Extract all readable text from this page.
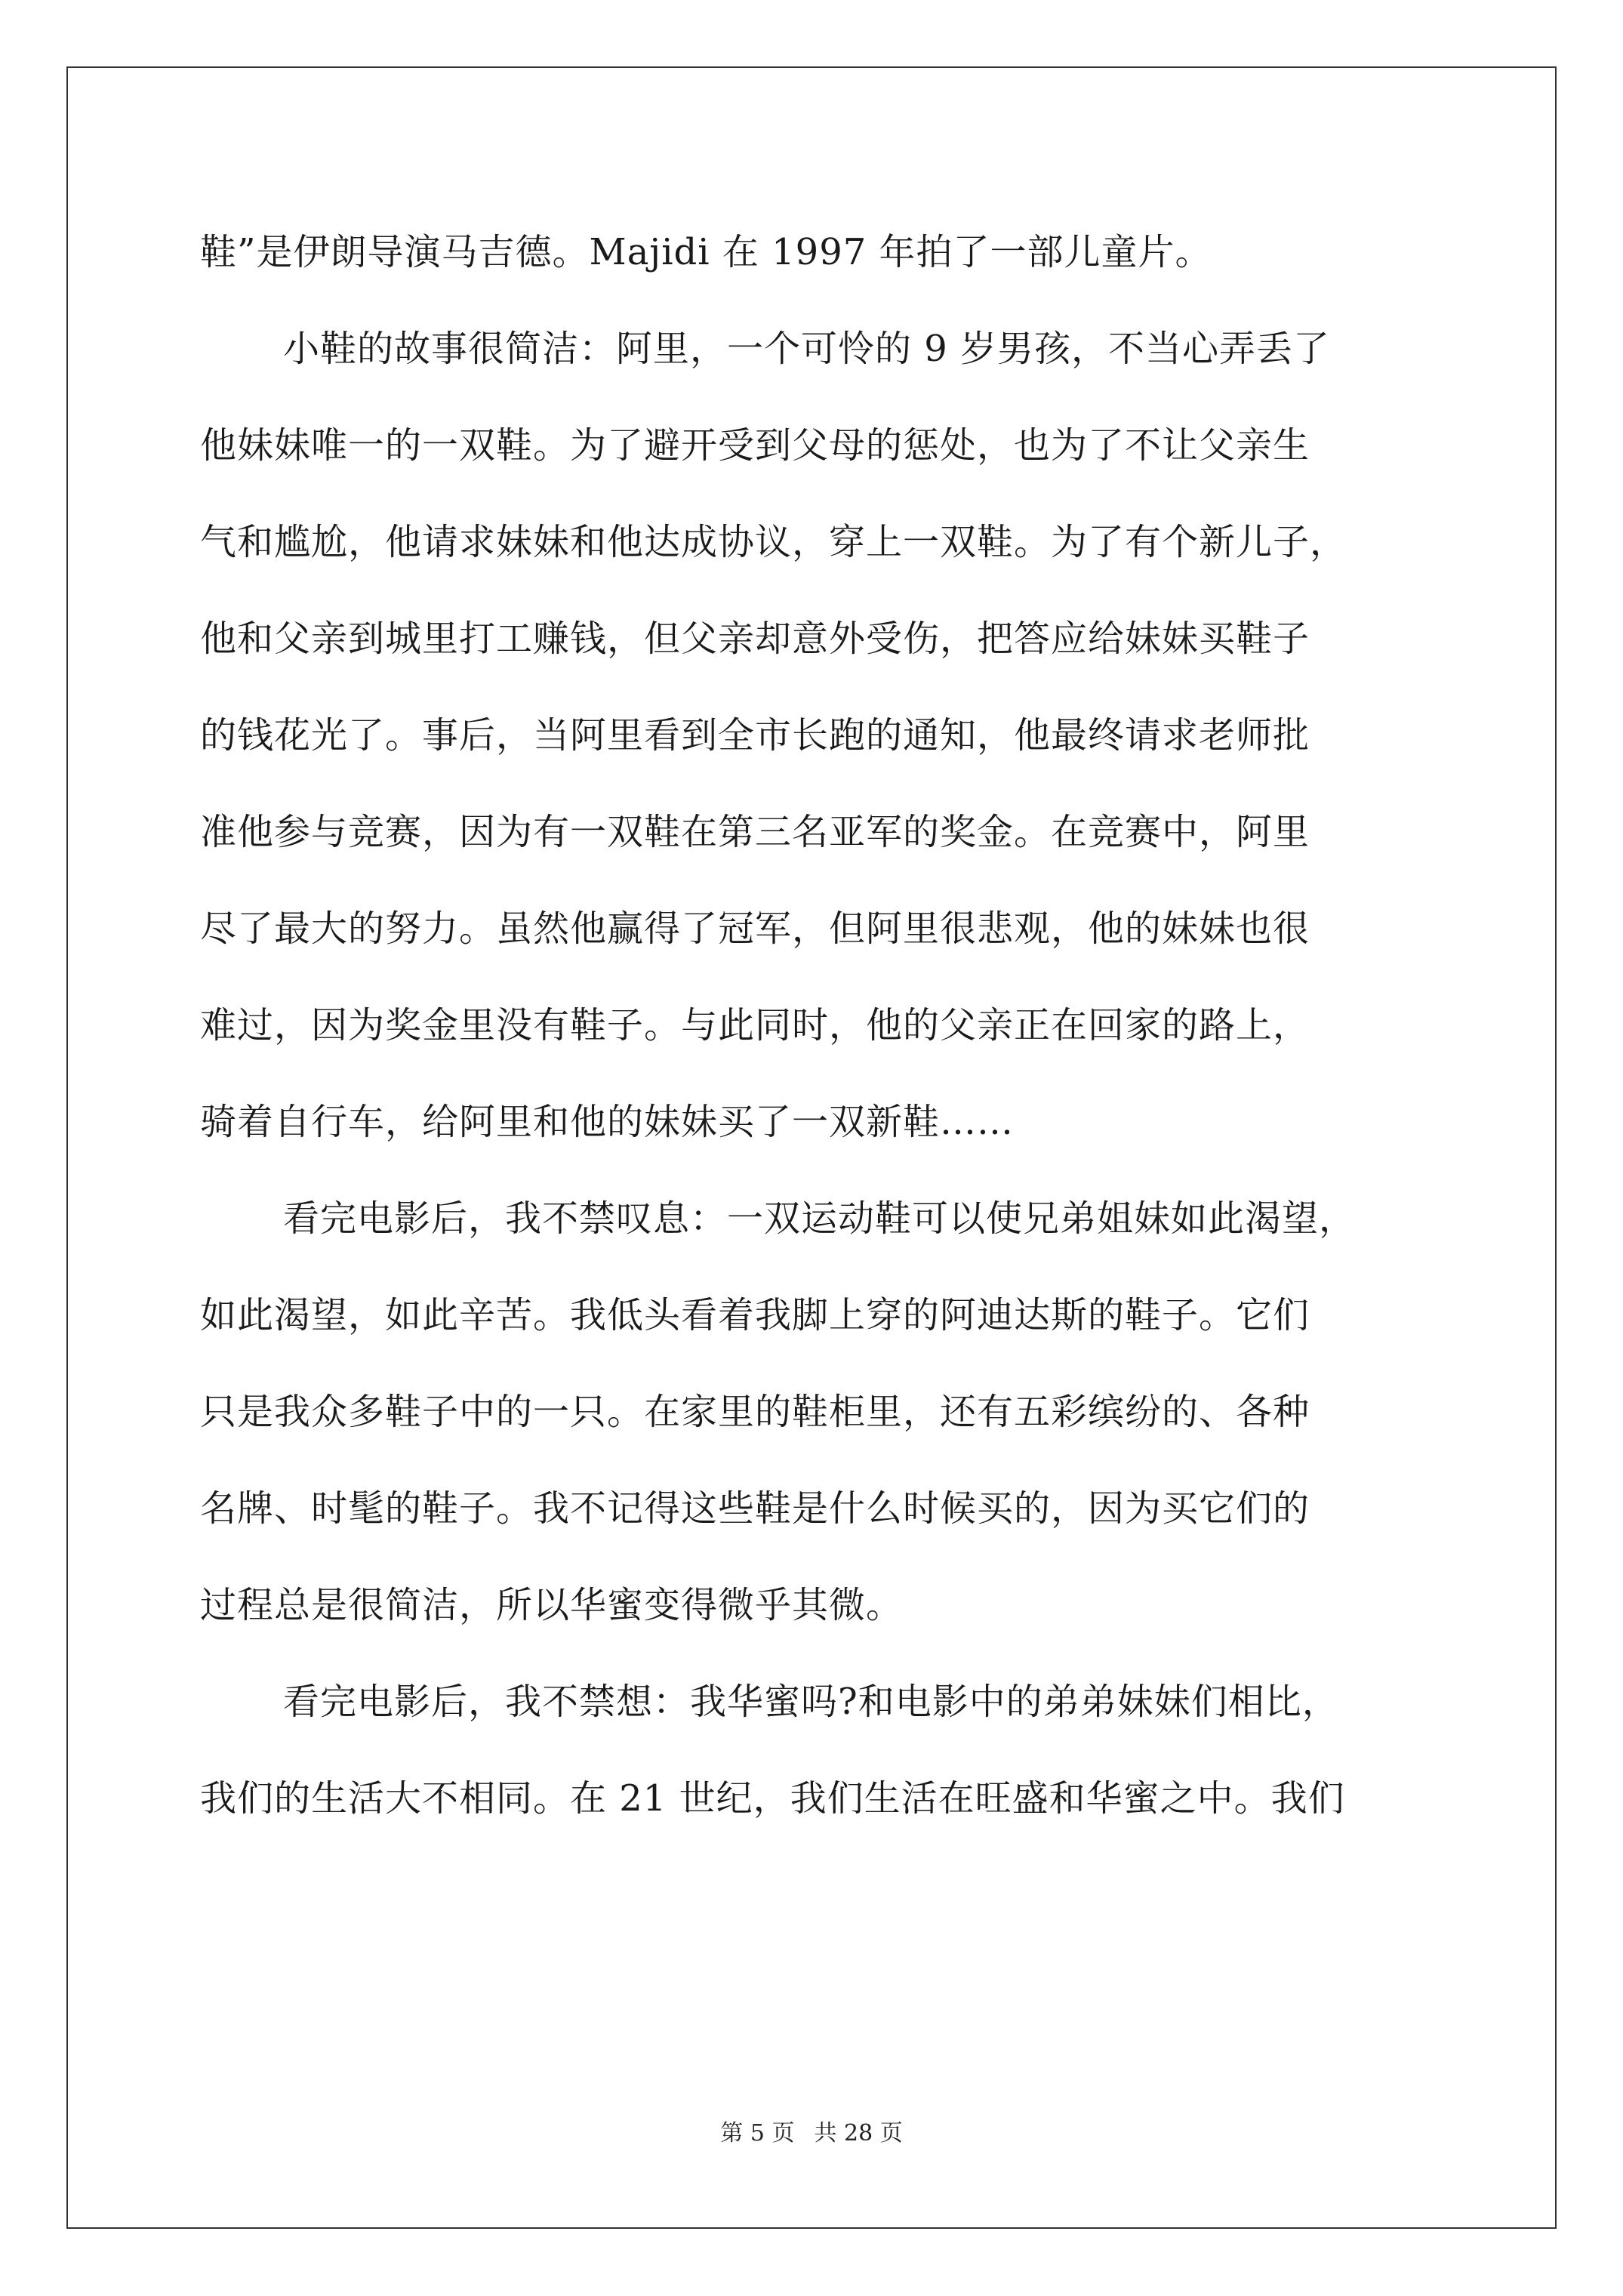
鞋”是伊朗导演马吉德。Majidi 在 1997 年拍了一部儿童片。
小鞋的故事很简洁：阿里，一个可怜的 9 岁男孩，不当心弄丢了
他妹妹唯一的一双鞋。为了避开受到父母的惩处，也为了不让父亲生
气和尴尬，他请求妹妹和他达成协议，穿上一双鞋。为了有个新儿子，
他和父亲到城里打工赚钱，但父亲却意外受伤，把答应给妹妹买鞋子
的钱花光了。事后，当阿里看到全市长跑的通知，他最终请求老师批
准他参与竞赛，因为有一双鞋在第三名亚军的奖金。在竞赛中，阿里
尽了最大的努力。虽然他赢得了冠军，但阿里很悲观，他的妹妹也很
难过，因为奖金里没有鞋子。与此同时，他的父亲正在回家的路上，
骑着自行车，给阿里和他的妹妹买了一双新鞋……
看完电影后，我不禁叹息：一双运动鞋可以使兄弟姐妹如此渴望，
如此渴望，如此辛苦。我低头看着我脚上穿的阿迪达斯的鞋子。它们
只是我众多鞋子中的一只。在家里的鞋柜里，还有五彩缤纷的、各种
名牌、时髦的鞋子。我不记得这些鞋是什么时候买的，因为买它们的
过程总是很简洁，所以华蜜变得微乎其微。
看完电影后，我不禁想：我华蜜吗?和电影中的弟弟妹妹们相比，
我们的生活大不相同。在 21 世纪，我们生活在旺盛和华蜜之中。我们
第 5 页 共 28 页
